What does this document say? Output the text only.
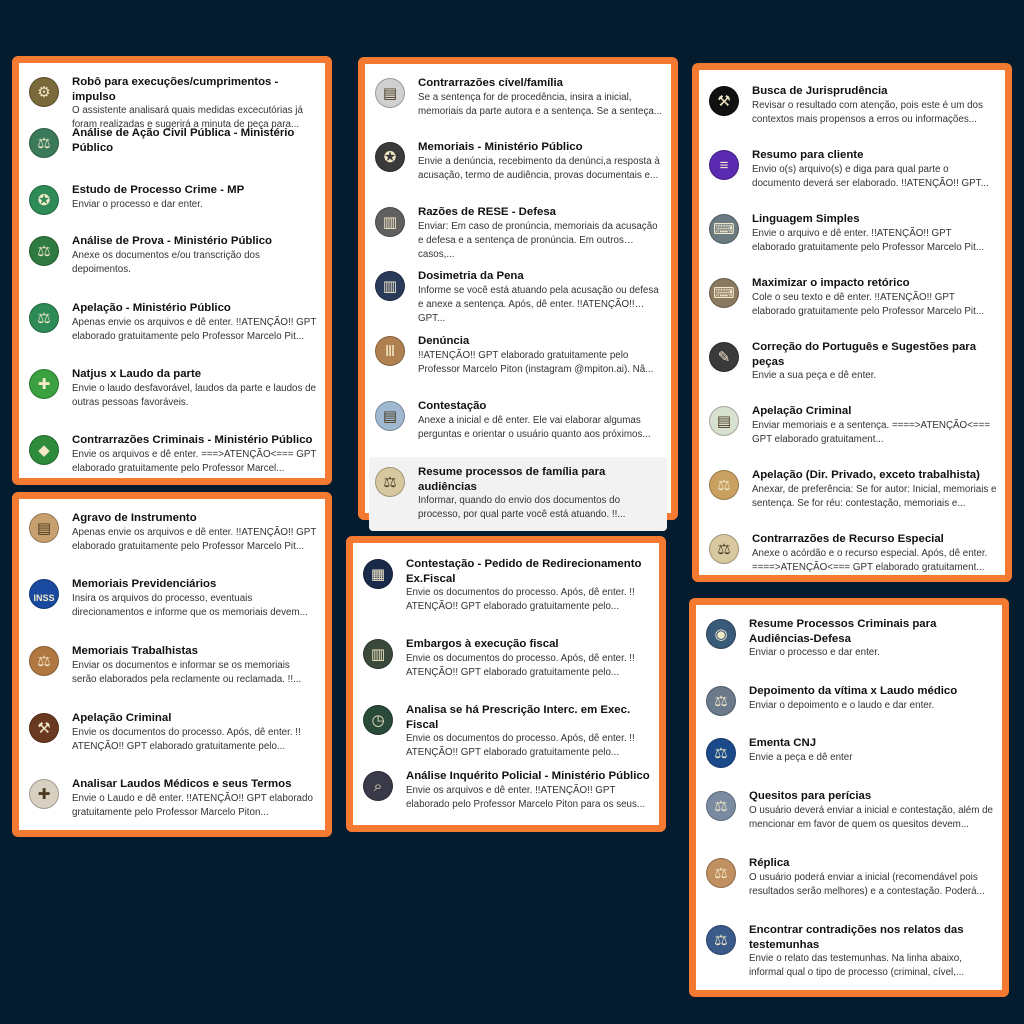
⚙
Robô para execuções/cumprimentos - impulso
O assistente analisará quais medidas excecutórias já foram realizadas e sugerirá a minuta de peça para...
⚖
Análise de Ação Civil Pública - Ministério Público
✪
Estudo de Processo Crime - MP
Enviar o processo e dar enter.
⚖
Análise de Prova - Ministério Público
Anexe os documentos e/ou transcrição dos depoimentos.
⚖
Apelação - Ministério Público
Apenas envie os arquivos e dê enter. !!ATENÇÃO!! GPT elaborado gratuitamente pelo Professor Marcelo Pit...
✚
Natjus x Laudo da parte
Envie o laudo desfavorável, laudos da parte e laudos de outras pessoas favoráveis.
◆
Contrarrazões Criminais - Ministério Público
Envie os arquivos e dê enter. ===>ATENÇÃO<=== GPT elaborado gratuitamente pelo Professor Marcel...
▤
Agravo de Instrumento
Apenas envie os arquivos e dê enter. !!ATENÇÃO!! GPT elaborado gratuitamente pelo Professor Marcelo Pit...
INSS
Memoriais Previdenciários
Insira os arquivos do processo, eventuais direcionamentos e informe que os memoriais devem...
⚖
Memoriais Trabalhistas
Enviar os documentos e informar se os memoriais serão elaborados pela reclamente ou reclamada. !!...
⚒
Apelação Criminal
Envie os documentos do processo. Após, dê enter. !! ATENÇÃO!! GPT elaborado gratuitamente pelo...
✚
Analisar Laudos Médicos e seus Termos
Envie o Laudo e dê enter. !!ATENÇÃO!! GPT elaborado gratuitamente pelo Professor Marcelo Piton...
▤
Contrarrazões cível/família
Se a sentença for de procedência, insira a inicial, memoriais da parte autora e a sentença. Se a senteça...
✪
Memoriais - Ministério Público
Envie a denúncia, recebimento da denúnci,a resposta à acusação, termo de audiência, provas documentais e...
▥
Razões de RESE - Defesa
Enviar: Em caso de pronúncia, memoriais da acusação e defesa e a sentença de pronúncia. Em outros casos,...
▥
Dosimetria da Pena
Informe se você está atuando pela acusação ou defesa e anexe a sentença. Após, dê enter. !!ATENÇÃO!! GPT...
Ⅲ
Denúncia
!!ATENÇÃO!! GPT elaborado gratuitamente pelo Professor Marcelo Piton (instagram @mpiton.ai). Nã...
▤
Contestação
Anexe a inicial e dê enter. Ele vai elaborar algumas perguntas e orientar o usuário quanto aos próximos...
⚖
Resume processos de família para audiências
Informar, quando do envio dos documentos do processo, por qual parte você está atuando. !!...
▦
Contestação - Pedido de Redirecionamento Ex.Fiscal
Envie os documentos do processo. Após, dê enter. !! ATENÇÃO!! GPT elaborado gratuitamente pelo...
▥
Embargos à execução fiscal
Envie os documentos do processo. Após, dê enter. !! ATENÇÃO!! GPT elaborado gratuitamente pelo...
◷
Analisa se há Prescrição Interc. em Exec. Fiscal
Envie os documentos do processo. Após, dê enter. !! ATENÇÃO!! GPT elaborado gratuitamente pelo...
⌕
Análise Inquérito Policial - Ministério Público
Envie os arquivos e dê enter. !!ATENÇÃO!! GPT elaborado pelo Professor Marcelo Piton para os seus...
⚒
Busca de Jurisprudência
Revisar o resultado com atenção, pois este é um dos contextos mais propensos a erros ou informações...
≡
Resumo para cliente
Envio o(s) arquivo(s) e diga para qual parte o documento deverá ser elaborado. !!ATENÇÃO!! GPT...
⌨
Linguagem Simples
Envie o arquivo e dê enter. !!ATENÇÃO!! GPT elaborado gratuitamente pelo Professor Marcelo Pit...
⌨
Maximizar o impacto retórico
Cole o seu texto e dê enter. !!ATENÇÃO!! GPT elaborado gratuitamente pelo Professor Marcelo Pit...
✎
Correção do Português e Sugestões para peças
Envie a sua peça e dê enter.
▤
Apelação Criminal
Enviar memoriais e a sentença. ====>ATENÇÃO<=== GPT elaborado gratuitament...
⚖
Apelação (Dir. Privado, exceto trabalhista)
Anexar, de preferência: Se for autor: Inicial, memoriais e sentença. Se for réu: contestação, memoriais e...
⚖
Contrarrazões de Recurso Especial
Anexe o acórdão e o recurso especial. Após, dê enter. ====>ATENÇÃO<=== GPT elaborado gratuitament...
◉
Resume Processos Criminais para Audiências-Defesa
Enviar o processo e dar enter.
⚖
Depoimento da vítima x Laudo médico
Enviar o depoimento e o laudo e dar enter.
⚖
Ementa CNJ
Envie a peça e dê enter
⚖
Quesitos para perícias
O usuário deverá enviar a inicial e contestação, além de mencionar em favor de quem os quesitos devem...
⚖
Réplica
O usuário poderá enviar a inicial (recomendável pois resultados serão melhores) e a contestação. Poderá...
⚖
Encontrar contradições nos relatos das testemunhas
Envie o relato das testemunhas. Na linha abaixo, informal qual o tipo de processo (criminal, cível,...
